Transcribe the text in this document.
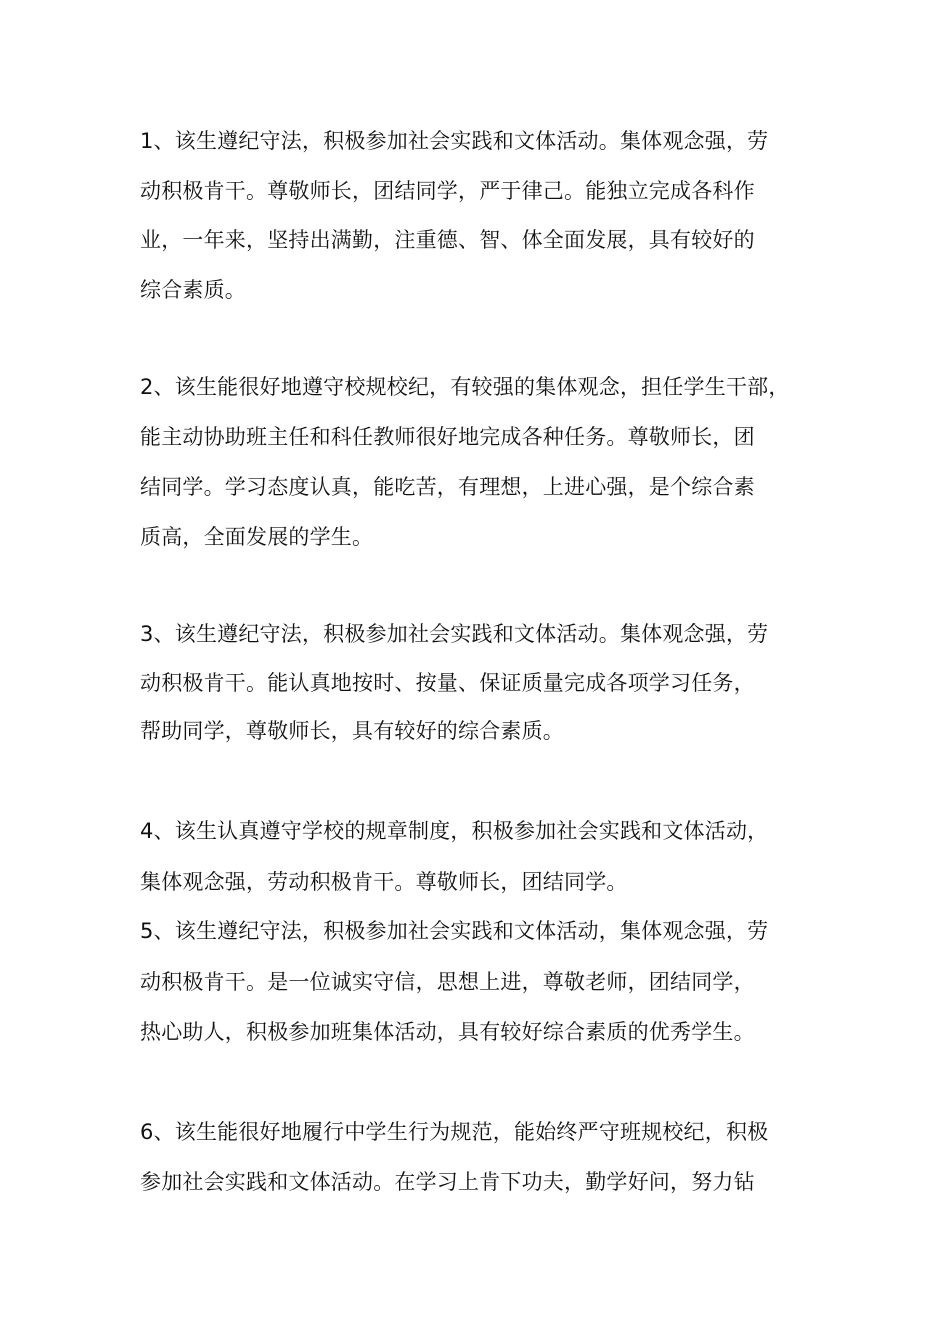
1、该生遵纪守法，积极参加社会实践和文体活动。集体观念强，劳
动积极肯干。尊敬师长，团结同学，严于律己。能独立完成各科作
业，一年来，坚持出满勤，注重德、智、体全面发展，具有较好的
综合素质。
2、该生能很好地遵守校规校纪，有较强的集体观念，担任学生干部，
能主动协助班主任和科任教师很好地完成各种任务。尊敬师长，团
结同学。学习态度认真，能吃苦，有理想，上进心强，是个综合素
质高，全面发展的学生。
3、该生遵纪守法，积极参加社会实践和文体活动。集体观念强，劳
动积极肯干。能认真地按时、按量、保证质量完成各项学习任务，
帮助同学，尊敬师长，具有较好的综合素质。
4、该生认真遵守学校的规章制度，积极参加社会实践和文体活动，
集体观念强，劳动积极肯干。尊敬师长，团结同学。
5、该生遵纪守法，积极参加社会实践和文体活动，集体观念强，劳
动积极肯干。是一位诚实守信，思想上进，尊敬老师，团结同学，
热心助人，积极参加班集体活动，具有较好综合素质的优秀学生。
6、该生能很好地履行中学生行为规范，能始终严守班规校纪，积极
参加社会实践和文体活动。在学习上肯下功夫，勤学好问，努力钻
